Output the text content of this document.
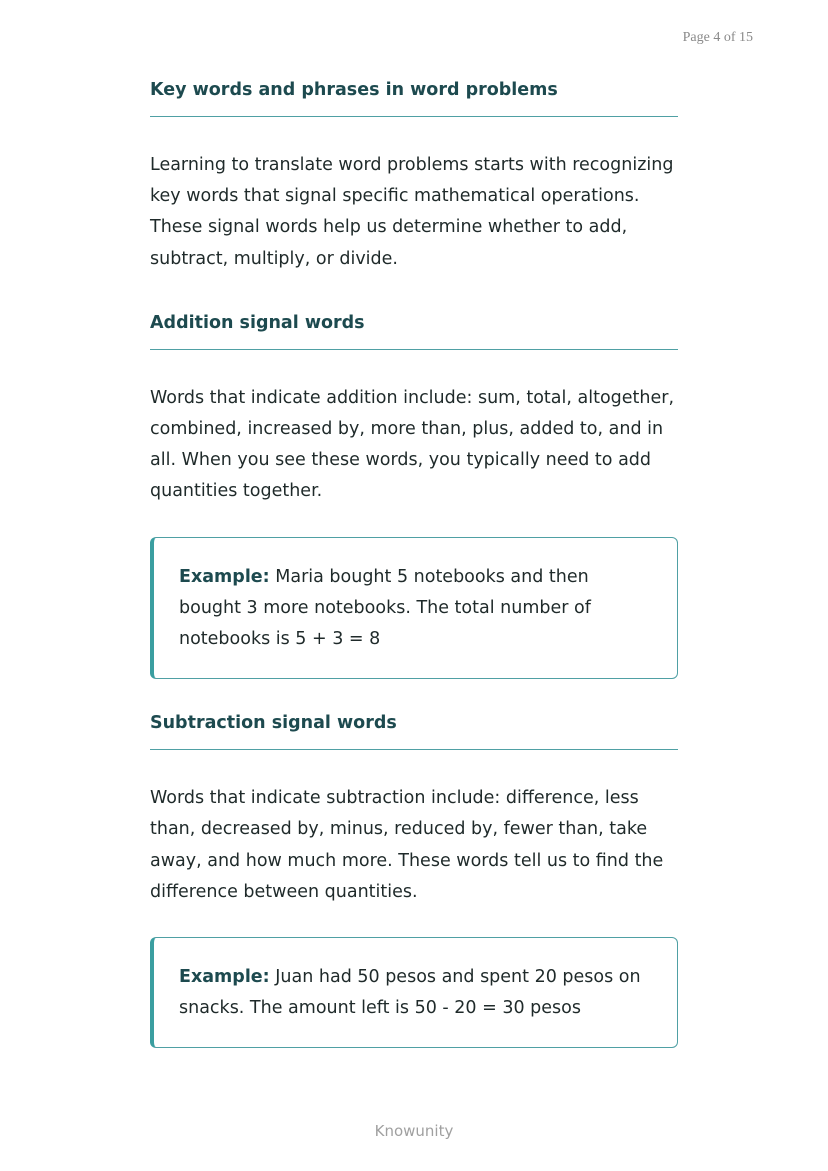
Page 4 of 15
Key words and phrases in word problems

Learning to translate word problems starts with recognizing key words that signal specific mathematical operations. These signal words help us determine whether to add, subtract, multiply, or divide.

Addition signal words

Words that indicate addition include: sum, total, altogether, combined, increased by, more than, plus, added to, and in all. When you see these words, you typically need to add quantities together.

Example: Maria bought 5 notebooks and then bought 3 more notebooks. The total number of notebooks is 5 + 3 = 8
Subtraction signal words

Words that indicate subtraction include: difference, less than, decreased by, minus, reduced by, fewer than, take away, and how much more. These words tell us to find the difference between quantities.

Example: Juan had 50 pesos and spent 20 pesos on snacks. The amount left is 50 - 20 = 30 pesos
Knowunity
